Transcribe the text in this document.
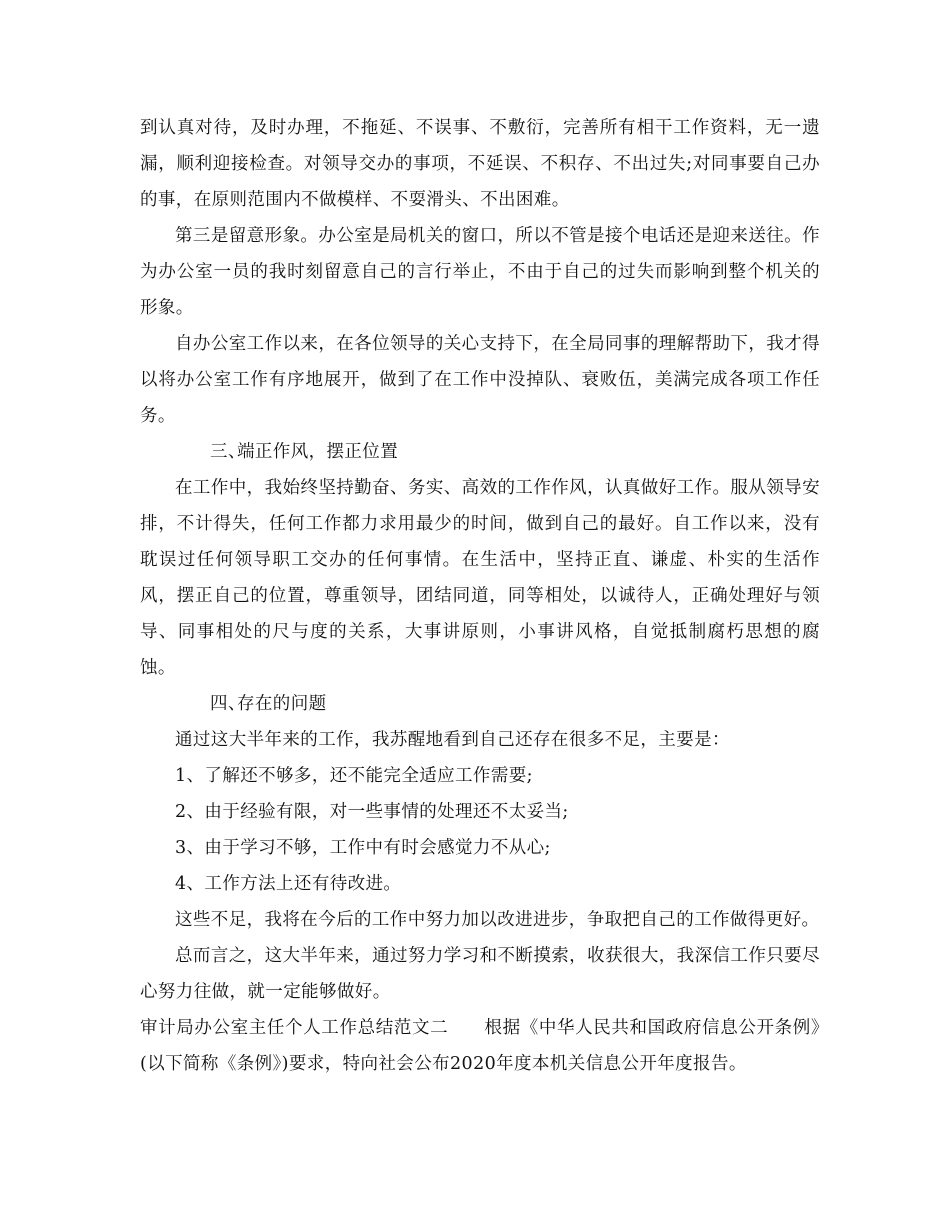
到认真对待，及时办理，不拖延、不误事、不敷衍，完善所有相干工作资料，无一遗漏，顺利迎接检查。对领导交办的事项，不延误、不积存、不出过失;对同事要自己办的事，在原则范围内不做模样、不耍滑头、不出困难。

第三是留意形象。办公室是局机关的窗口，所以不管是接个电话还是迎来送往。作为办公室一员的我时刻留意自己的言行举止，不由于自己的过失而影响到整个机关的形象。

自办公室工作以来，在各位领导的关心支持下，在全局同事的理解帮助下，我才得以将办公室工作有序地展开，做到了在工作中没掉队、衰败伍，美满完成各项工作任务。

三、端正作风，摆正位置

在工作中，我始终坚持勤奋、务实、高效的工作作风，认真做好工作。服从领导安排，不计得失，任何工作都力求用最少的时间，做到自己的最好。自工作以来，没有耽误过任何领导职工交办的任何事情。在生活中，坚持正直、谦虚、朴实的生活作风，摆正自己的位置，尊重领导，团结同道，同等相处，以诚待人，正确处理好与领导、同事相处的尺与度的关系，大事讲原则，小事讲风格，自觉抵制腐朽思想的腐蚀。

四、存在的问题

通过这大半年来的工作，我苏醒地看到自己还存在很多不足，主要是：

1、了解还不够多，还不能完全适应工作需要;

2、由于经验有限，对一些事情的处理还不太妥当;

3、由于学习不够，工作中有时会感觉力不从心;

4、工作方法上还有待改进。

这些不足，我将在今后的工作中努力加以改进进步，争取把自己的工作做得更好。

总而言之，这大半年来，通过努力学习和不断摸索，收获很大，我深信工作只要尽心努力往做，就一定能够做好。

审计局办公室主任个人工作总结范文二　　根据《中华人民共和国政府信息公开条例》(以下简称《条例》)要求，特向社会公布2020年度本机关信息公开年度报告。
